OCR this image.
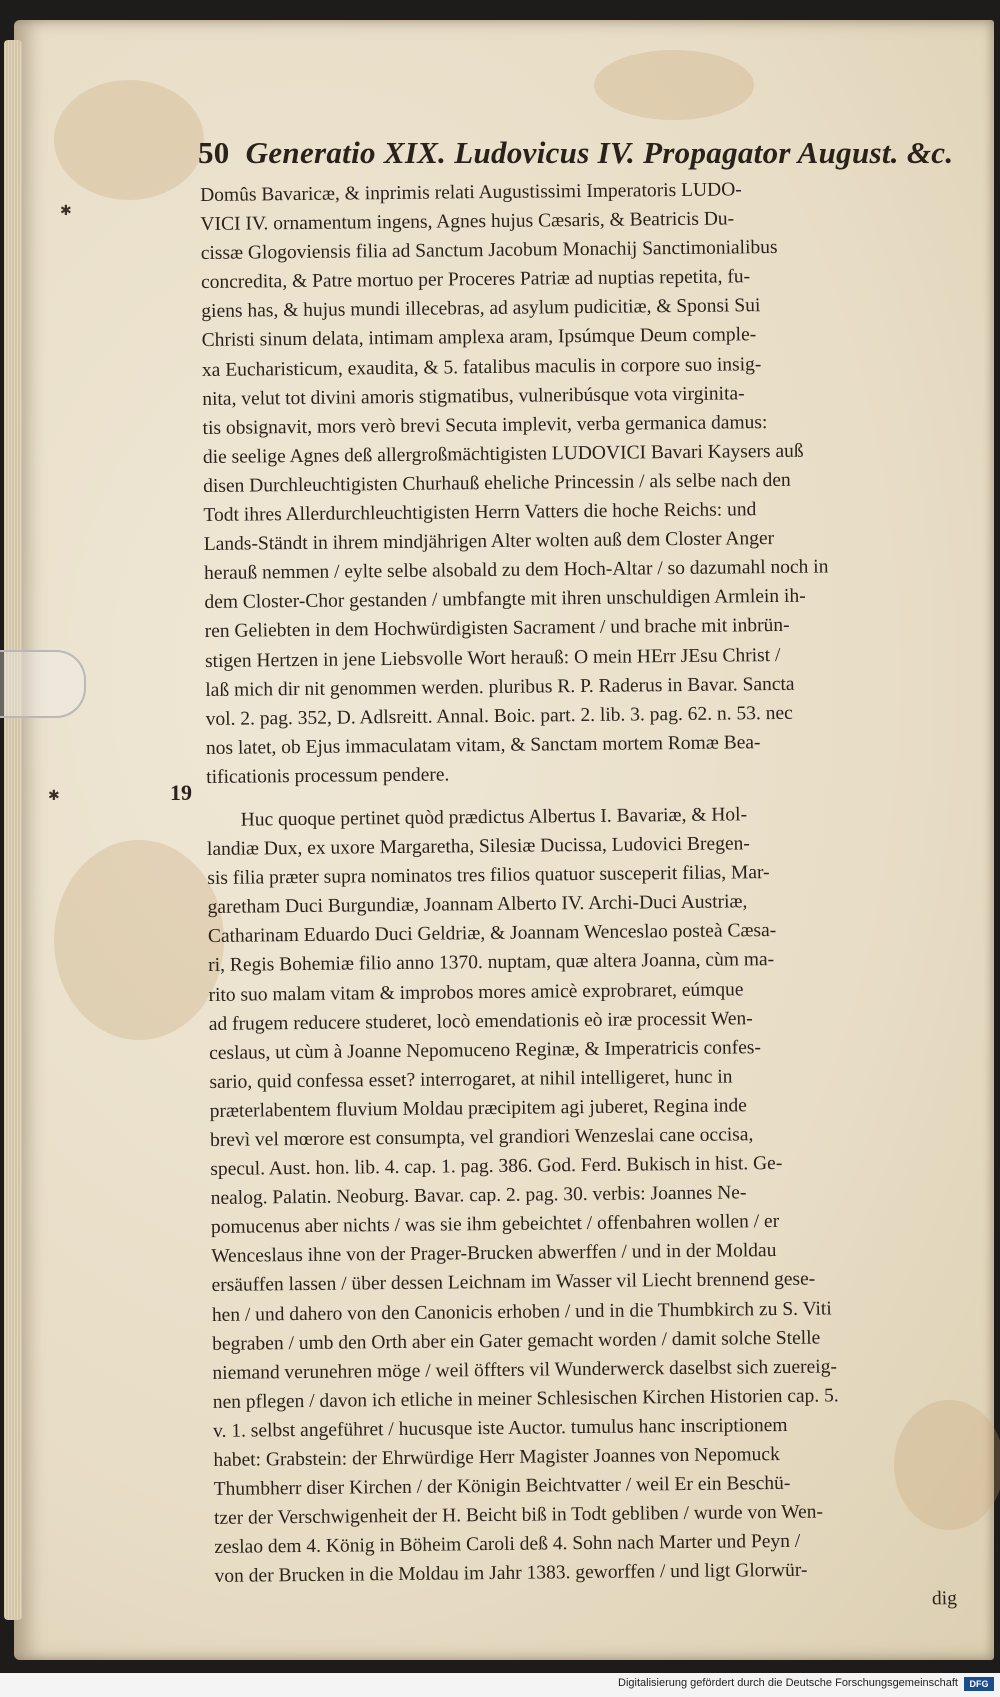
✱
✱
50 Generatio XIX. Ludovicus IV. Propagator August. &c.
19

Domûs Bavaricæ, & inprimis relati Augustissimi Imperatoris LUDO-
VICI IV. ornamentum ingens, Agnes hujus Cæsaris, & Beatricis Du-
cissæ Glogoviensis filia ad Sanctum Jacobum Monachij Sanctimonialibus
concredita, & Patre mortuo per Proceres Patriæ ad nuptias repetita, fu-
giens has, & hujus mundi illecebras, ad asylum pudicitiæ, & Sponsi Sui
Christi sinum delata, intimam amplexa aram, Ipsúmque Deum comple-
xa Eucharisticum, exaudita, & 5. fatalibus maculis in corpore suo insig-
nita, velut tot divini amoris stigmatibus, vulneribúsque vota virginita-
tis obsignavit, mors verò brevi Secuta implevit, verba germanica damus:
die seelige Agnes deß allergroßmächtigisten LUDOVICI Bavari Kaysers auß
disen Durchleuchtigisten Churhauß eheliche Princessin / als selbe nach den
Todt ihres Allerdurchleuchtigisten Herrn Vatters die hoche Reichs: und
Lands-Ständt in ihrem mindjährigen Alter wolten auß dem Closter Anger
herauß nemmen / eylte selbe alsobald zu dem Hoch-Altar / so dazumahl noch in
dem Closter-Chor gestanden / umbfangte mit ihren unschuldigen Armlein ih-
ren Geliebten in dem Hochwürdigisten Sacrament / und brache mit inbrün-
stigen Hertzen in jene Liebsvolle Wort herauß: O mein HErr JEsu Christ /
laß mich dir nit genommen werden. pluribus R. P. Raderus in Bavar. Sancta
vol. 2. pag. 352, D. Adlsreitt. Annal. Boic. part. 2. lib. 3. pag. 62. n. 53. nec
nos latet, ob Ejus immaculatam vitam, & Sanctam mortem Romæ Bea-
tificationis processum pendere.

Huc quoque pertinet quòd prædictus Albertus I. Bavariæ, & Hol-
landiæ Dux, ex uxore Margaretha, Silesiæ Ducissa, Ludovici Bregen-
sis filia præter supra nominatos tres filios quatuor susceperit filias, Mar-
garetham Duci Burgundiæ, Joannam Alberto IV. Archi-Duci Austriæ,
Catharinam Eduardo Duci Geldriæ, & Joannam Wenceslao posteà Cæsa-
ri, Regis Bohemiæ filio anno 1370. nuptam, quæ altera Joanna, cùm ma-
rito suo malam vitam & improbos mores amicè exprobraret, eúmque
ad frugem reducere studeret, locò emendationis eò iræ processit Wen-
ceslaus, ut cùm à Joanne Nepomuceno Reginæ, & Imperatricis confes-
sario, quid confessa esset? interrogaret, at nihil intelligeret, hunc in
præterlabentem fluvium Moldau præcipitem agi juberet, Regina inde
brevì vel mœrore est consumpta, vel grandiori Wenzeslai cane occisa,
specul. Aust. hon. lib. 4. cap. 1. pag. 386. God. Ferd. Bukisch in hist. Ge-
nealog. Palatin. Neoburg. Bavar. cap. 2. pag. 30. verbis: Joannes Ne-
pomucenus aber nichts / was sie ihm gebeichtet / offenbahren wollen / er
Wenceslaus ihne von der Prager-Brucken abwerffen / und in der Moldau
ersäuffen lassen / über dessen Leichnam im Wasser vil Liecht brennend gese-
hen / und dahero von den Canonicis erhoben / und in die Thumbkirch zu S. Viti
begraben / umb den Orth aber ein Gater gemacht worden / damit solche Stelle
niemand verunehren möge / weil öffters vil Wunderwerck daselbst sich zuereig-
nen pflegen / davon ich etliche in meiner Schlesischen Kirchen Historien cap. 5.
v. 1. selbst angeführet / hucusque iste Auctor. tumulus hanc inscriptionem
habet: Grabstein: der Ehrwürdige Herr Magister Joannes von Nepomuck
Thumbherr diser Kirchen / der Königin Beichtvatter / weil Er ein Beschü-
tzer der Verschwigenheit der H. Beicht biß in Todt gebliben / wurde von Wen-
zeslao dem 4. König in Böheim Caroli deß 4. Sohn nach Marter und Peyn /
von der Brucken in die Moldau im Jahr 1383. geworffen / und ligt Glorwür-
dig

Digitalisierung gefördert durch die Deutsche Forschungsgemeinschaft	DFG
